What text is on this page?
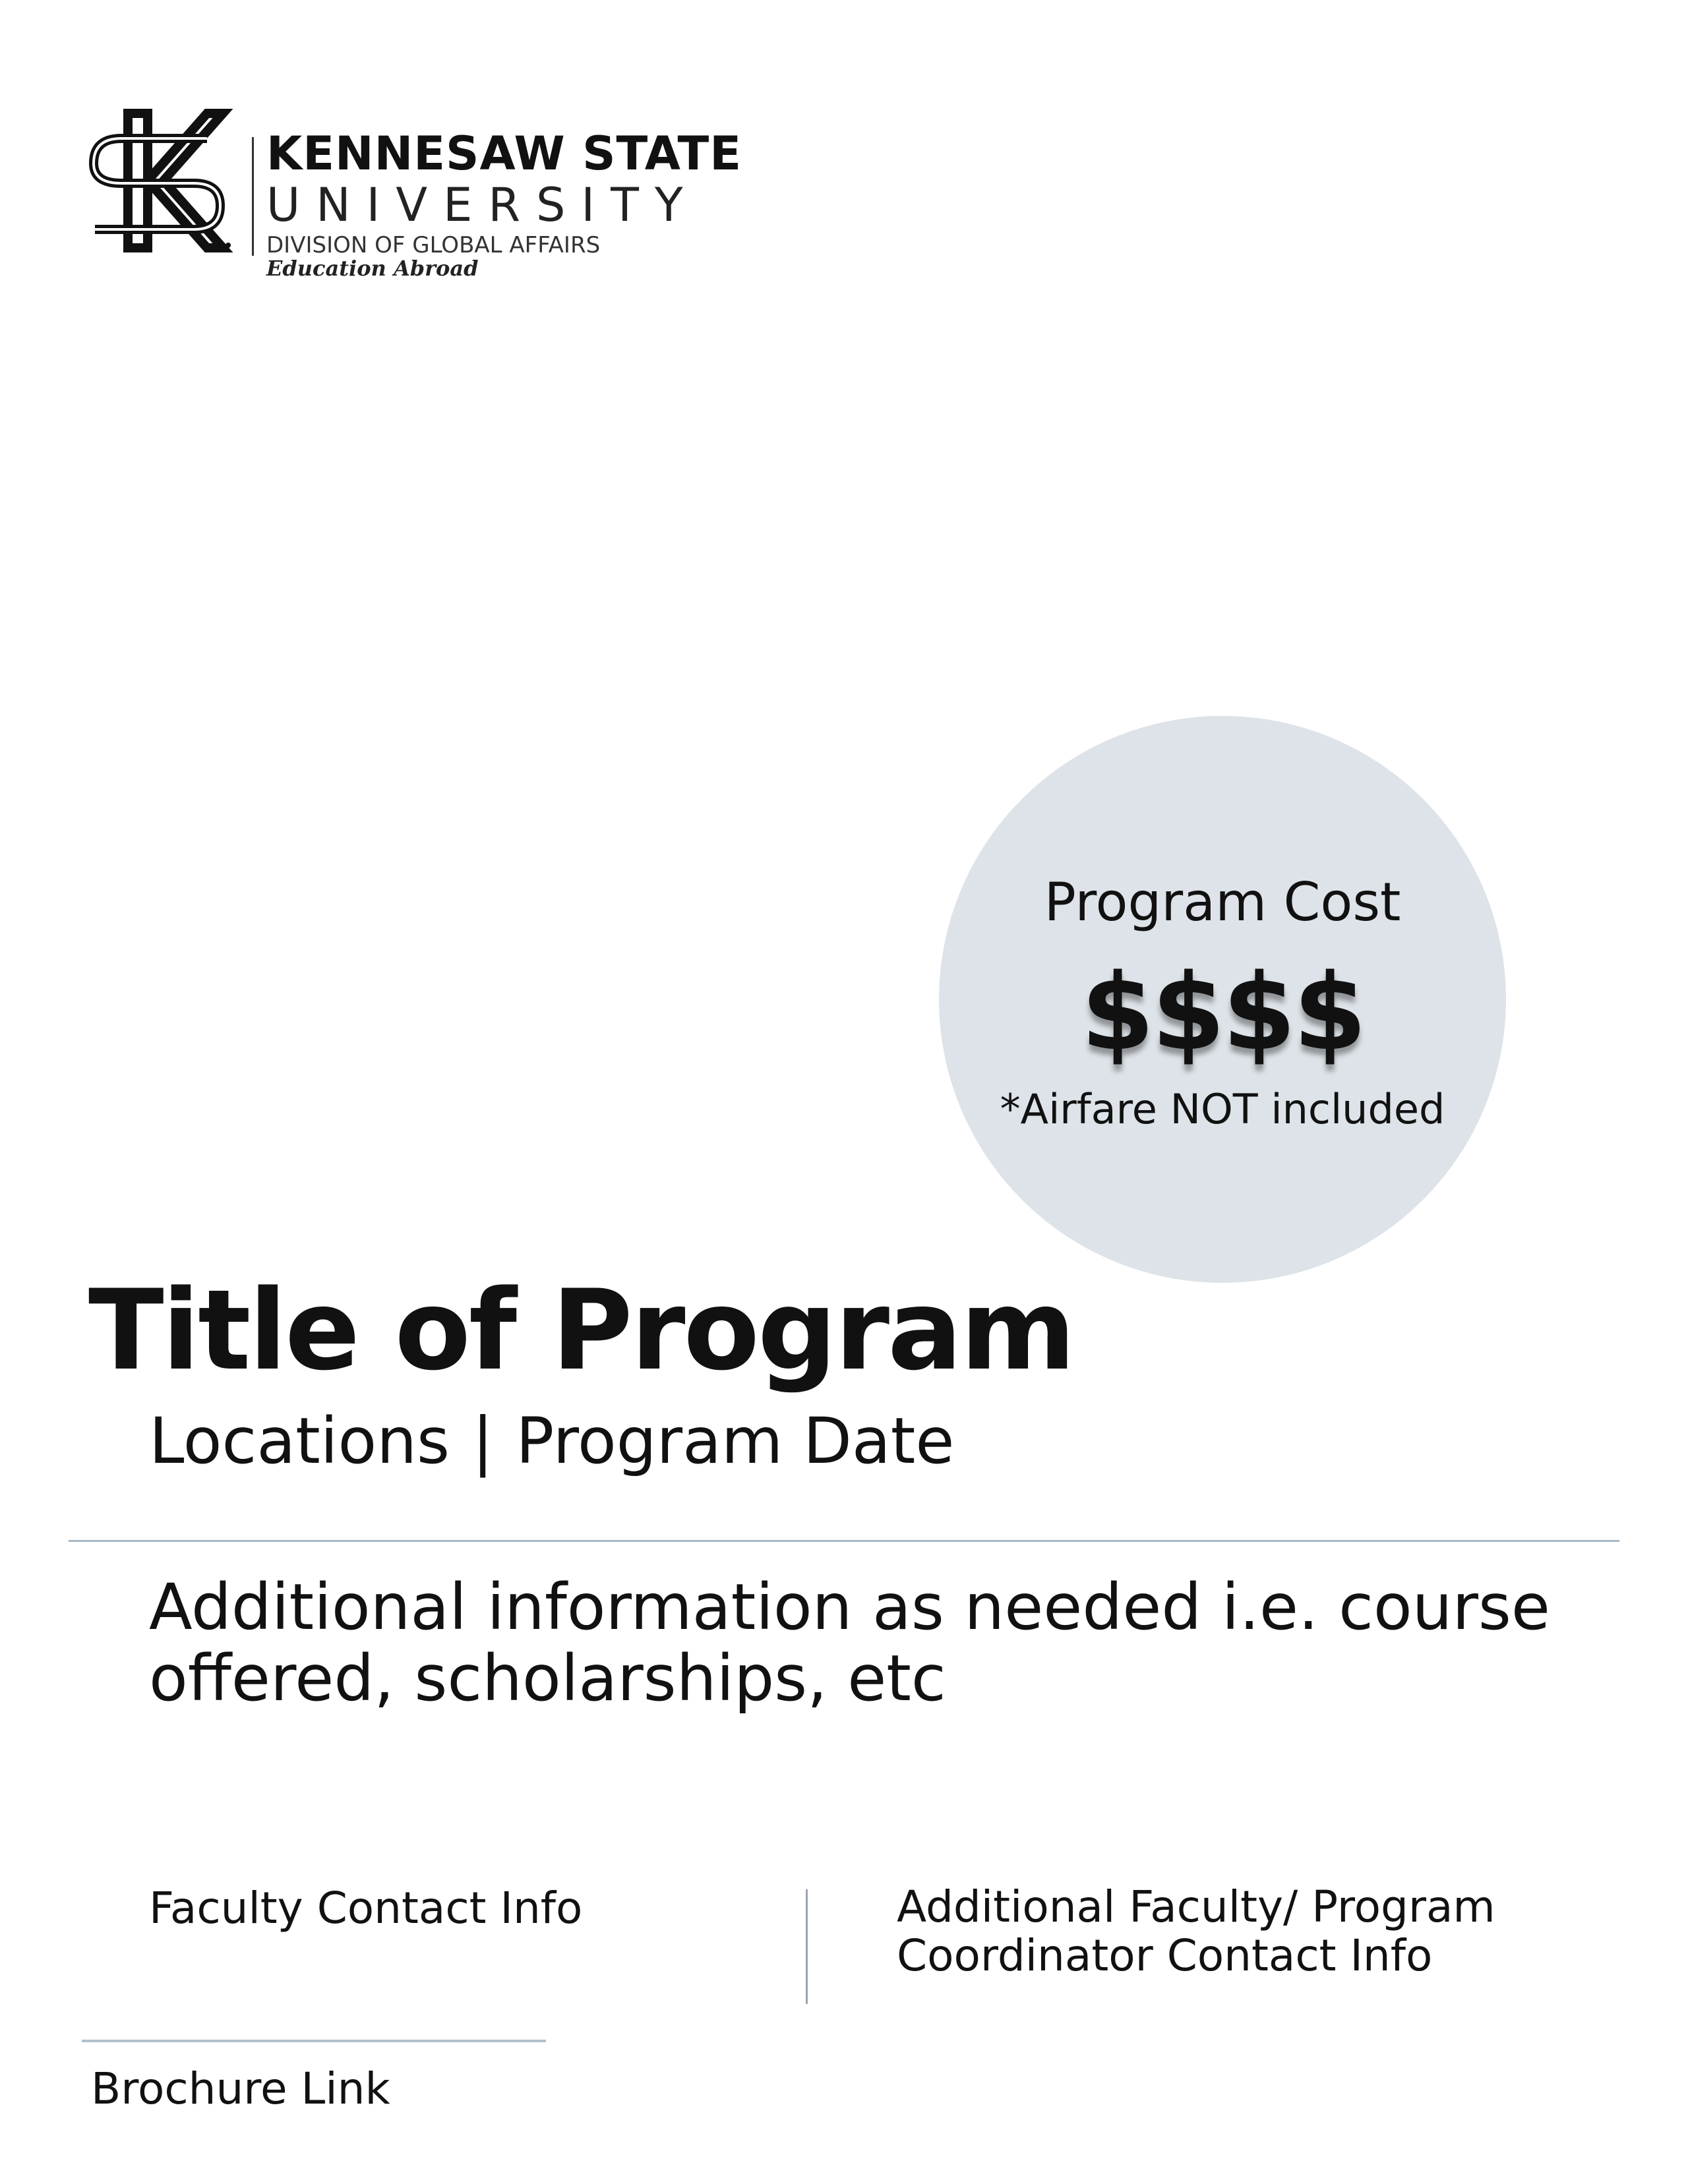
KENNESAW STATE
UNIVERSITY
DIVISION OF GLOBAL AFFAIRS
Education Abroad
Program Cost
$$$$
*Airfare NOT included
Title of Program
Locations | Program Date
Additional information as needed i.e. course offered, scholarships, etc
Faculty Contact Info	Additional Faculty/ Program Coordinator Contact Info
Brochure Link
